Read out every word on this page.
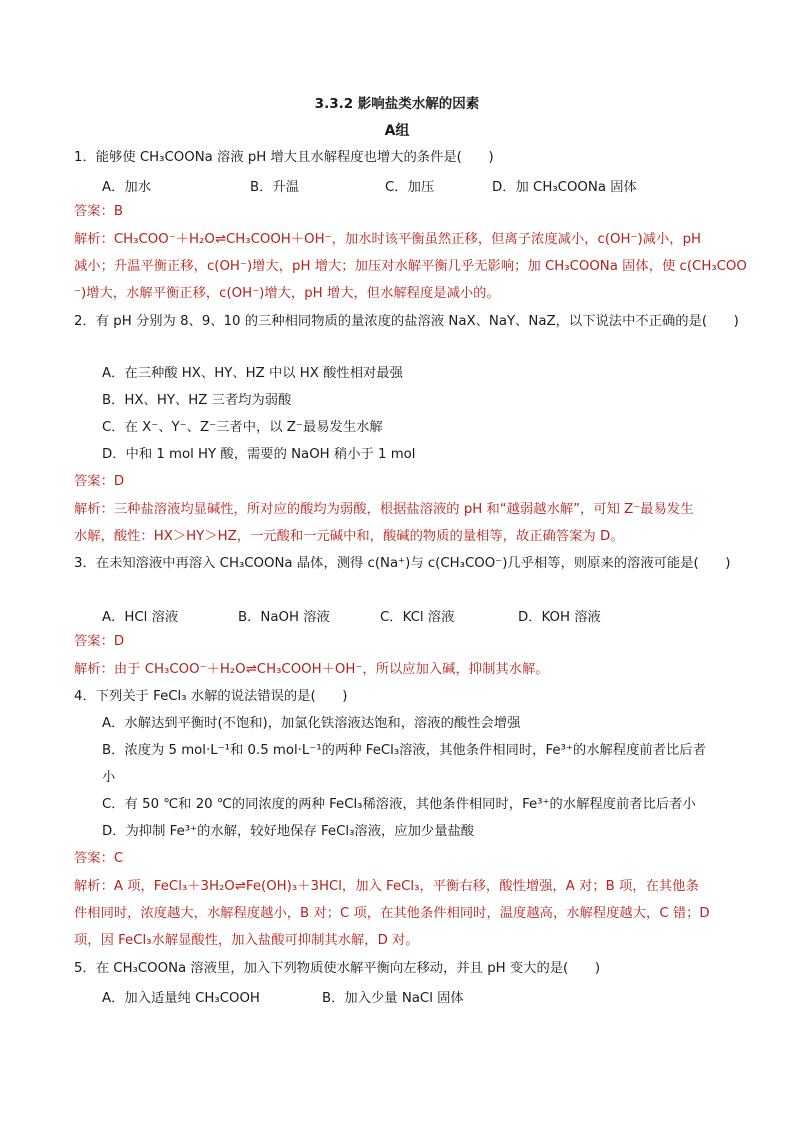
3.3.2 影响盐类水解的因素
A组
1．能够使 CH₃COONa 溶液 pH 增大且水解程度也增大的条件是(　　)
A．加水	B．升温	C．加压	D．加 CH₃COONa 固体
答案：B
解析：CH₃COO⁻＋H₂O⇌CH₃COOH＋OH⁻，加水时该平衡虽然正移，但离子浓度减小，c(OH⁻)减小，pH
减小；升温平衡正移，c(OH⁻)增大，pH 增大；加压对水解平衡几乎无影响；加 CH₃COONa 固体，使 c(CH₃COO
⁻)增大，水解平衡正移，c(OH⁻)增大，pH 增大，但水解程度是减小的。
2．有 pH 分别为 8、9、10 的三种相同物质的量浓度的盐溶液 NaX、NaY、NaZ，以下说法中不正确的是(　　)
A．在三种酸 HX、HY、HZ 中以 HX 酸性相对最强
B．HX、HY、HZ 三者均为弱酸
C．在 X⁻、Y⁻、Z⁻三者中，以 Z⁻最易发生水解
D．中和 1 mol HY 酸，需要的 NaOH 稍小于 1 mol
答案：D
解析：三种盐溶液均显碱性，所对应的酸均为弱酸，根据盐溶液的 pH 和“越弱越水解”，可知 Z⁻最易发生
水解，酸性：HX＞HY＞HZ，一元酸和一元碱中和，酸碱的物质的量相等，故正确答案为 D。
3．在未知溶液中再溶入 CH₃COONa 晶体，测得 c(Na⁺)与 c(CH₃COO⁻)几乎相等，则原来的溶液可能是(　　)
A．HCl 溶液	B．NaOH 溶液	C．KCl 溶液	D．KOH 溶液
答案：D
解析：由于 CH₃COO⁻＋H₂O⇌CH₃COOH＋OH⁻，所以应加入碱，抑制其水解。
4．下列关于 FeCl₃ 水解的说法错误的是(　　)
A．水解达到平衡时(不饱和)，加氯化铁溶液达饱和，溶液的酸性会增强
B．浓度为 5 mol·L⁻¹和 0.5 mol·L⁻¹的两种 FeCl₃溶液，其他条件相同时，Fe³⁺的水解程度前者比后者
小
C．有 50 ℃和 20 ℃的同浓度的两种 FeCl₃稀溶液，其他条件相同时，Fe³⁺的水解程度前者比后者小
D．为抑制 Fe³⁺的水解，较好地保存 FeCl₃溶液，应加少量盐酸
答案：C
解析：A 项，FeCl₃＋3H₂O⇌Fe(OH)₃＋3HCl，加入 FeCl₃，平衡右移，酸性增强，A 对；B 项，在其他条
件相同时，浓度越大，水解程度越小，B 对；C 项，在其他条件相同时，温度越高，水解程度越大，C 错；D
项，因 FeCl₃水解显酸性，加入盐酸可抑制其水解，D 对。
5．在 CH₃COONa 溶液里，加入下列物质使水解平衡向左移动，并且 pH 变大的是(　　)
A．加入适量纯 CH₃COOH	B．加入少量 NaCl 固体
